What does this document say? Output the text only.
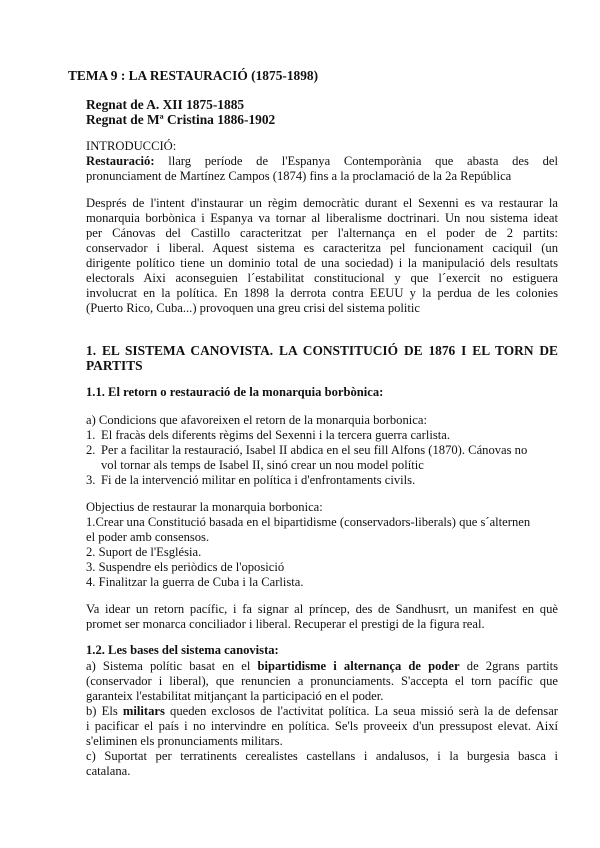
TEMA 9 : LA RESTAURACIÓ (1875-1898)
Regnat de A. XII 1875-1885
Regnat de Mª Cristina 1886-1902
INTRODUCCIÓ:
Restauració: llarg període de l'Espanya Contemporània que abasta des del
pronunciament de Martínez Campos (1874) fins a la proclamació de la 2a República
Després de l'intent d'instaurar un règim democràtic durant el Sexenni es va restaurar la
monarquia borbònica i Espanya va tornar al liberalisme doctrinari. Un nou sistema ideat
per Cánovas del Castillo caracteritzat per l'alternança en el poder de 2 partits:
conservador i liberal. Aquest sistema es caracteritza pel funcionament caciquil (un
dirigente político tiene un dominio total de una sociedad) i la manipulació dels resultats
electorals Aixi aconseguien l´estabilitat constitucional y que l´exercit no estiguera
involucrat en la política. En 1898 la derrota contra EEUU y la perdua de les colonies
(Puerto Rico, Cuba...) provoquen una greu crisi del sistema politic
1. EL SISTEMA CANOVISTA. LA CONSTITUCIÓ DE 1876 I EL TORN DE
PARTITS
1.1. El retorn o restauració de la monarquia borbònica:
a) Condicions que afavoreixen el retorn de la monarquia borbonica:
1. El fracàs dels diferents règims del Sexenni i la tercera guerra carlista.
2. Per a facilitar la restauració, Isabel II abdica en el seu fill Alfons (1870). Cánovas no
vol tornar als temps de Isabel II, sinó crear un nou model polític
3. Fi de la intervenció militar en política i d'enfrontaments civils.
Objectius de restaurar la monarquia borbonica:
1.Crear una Constitució basada en el bipartidisme (conservadors-liberals) que s´alternen
el poder amb consensos.
2. Suport de l'Església.
3. Suspendre els periòdics de l'oposició
4. Finalitzar la guerra de Cuba i la Carlista.
Va idear un retorn pacífic, i fa signar al príncep, des de Sandhusrt, un manifest en què
promet ser monarca conciliador i liberal. Recuperar el prestigi de la figura real.
1.2. Les bases del sistema canovista:
a) Sistema polític basat en el bipartidisme i alternança de poder de 2grans partits
(conservador i liberal), que renuncien a pronunciaments. S'accepta el torn pacífic que
garanteix l'estabilitat mitjançant la participació en el poder.
b) Els militars queden exclosos de l'activitat política. La seua missió serà la de defensar
i pacificar el país i no intervindre en política. Se'ls proveeix d'un pressupost elevat. Així
s'eliminen els pronunciaments militars.
c) Suportat per terratinents cerealistes castellans i andalusos, i la burgesia basca i
catalana.
